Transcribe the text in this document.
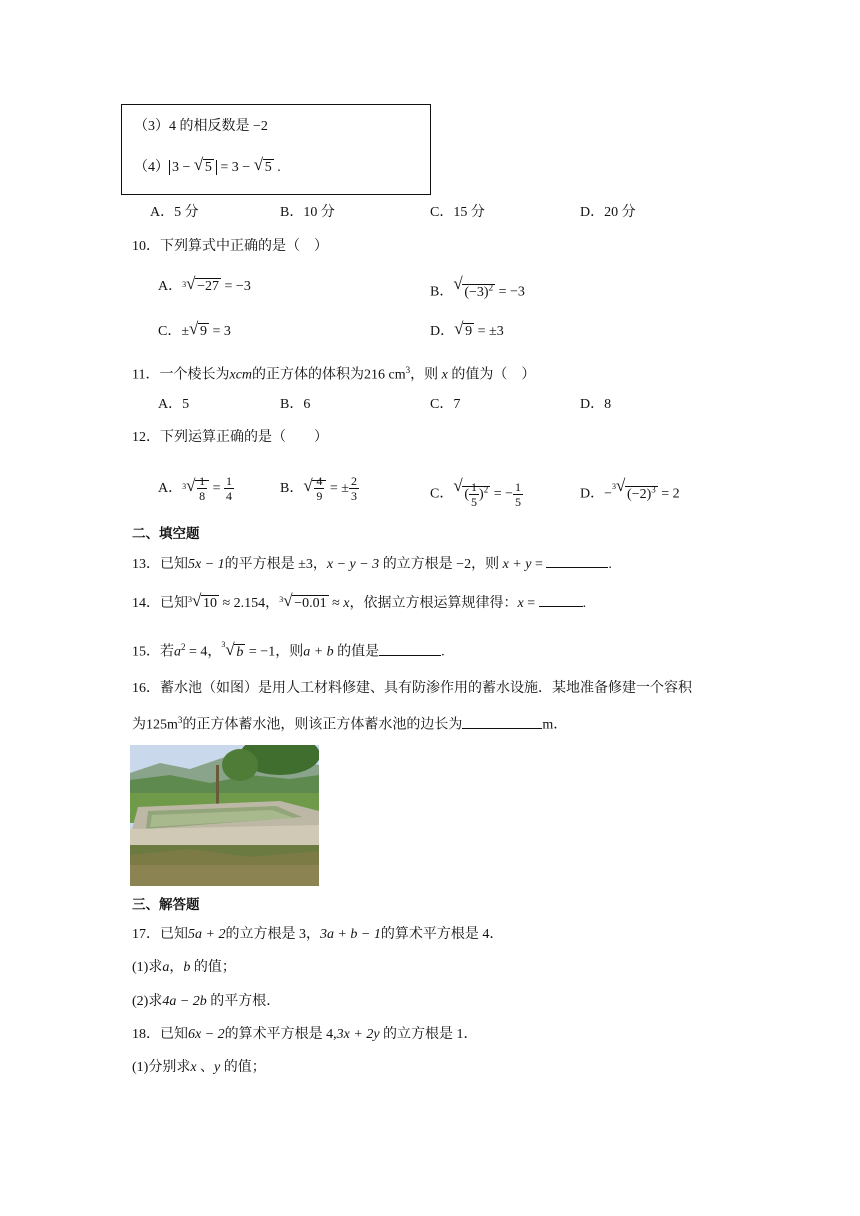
（3）4 的相反数是 −2
（4） 3 − √ 5 = 3 − √ 5 .
A．5 分	B．10 分	C．15 分	D．20 分
10．下列算式中正确的是（　）
A．$^3$ √ −27 = −3	B． √ $(-3)^2 = -3$
C．± √ 9 = 3	D． √ 9 = ±3
11．一个棱长为xcm的正方体的体积为216 $cm^3$，则 x 的值为（　）
A．5	B．6	C．7	D．8
12．下列运算正确的是（　　）
A．$^3$ √ $\frac{1}{8} = \frac{1}{4}$	B． √ $\frac{4}{9}$ = ± $\frac{2}{3}$	C． √ ( $\frac{1}{5} )^2$ = − $\frac{1}{5}$	D．−$^3$√ $(-2)^3 = 2$
二、填空题
13．已知5x − 1的平方根是 ±3，x − y − 3 的立方根是 −2，则 x + y =	.
14．已知$^3$ √ 10 ≈ 2.154，$^3$ √ −0.01 ≈ x，依据立方根运算规律得：x =	.
15．若$a^2 = 4$，$^3$√ b = −1，则a + b 的值是	.
16．蓄水池（如图）是用人工材料修建、具有防渗作用的蓄水设施．某地准备修建一个容积
为$125m^3$的正方体蓄水池，则该正方体蓄水池的边长为	m．
三、解答题
17．已知5a + 2的立方根是 3，3a + b − 1的算术平方根是 4．
(1)求a，b 的值；
(2)求4a − 2b 的平方根．
18．已知6x − 2的算术平方根是 4,3x + 2y 的立方根是 1．
(1)分别求x 、y 的值；
